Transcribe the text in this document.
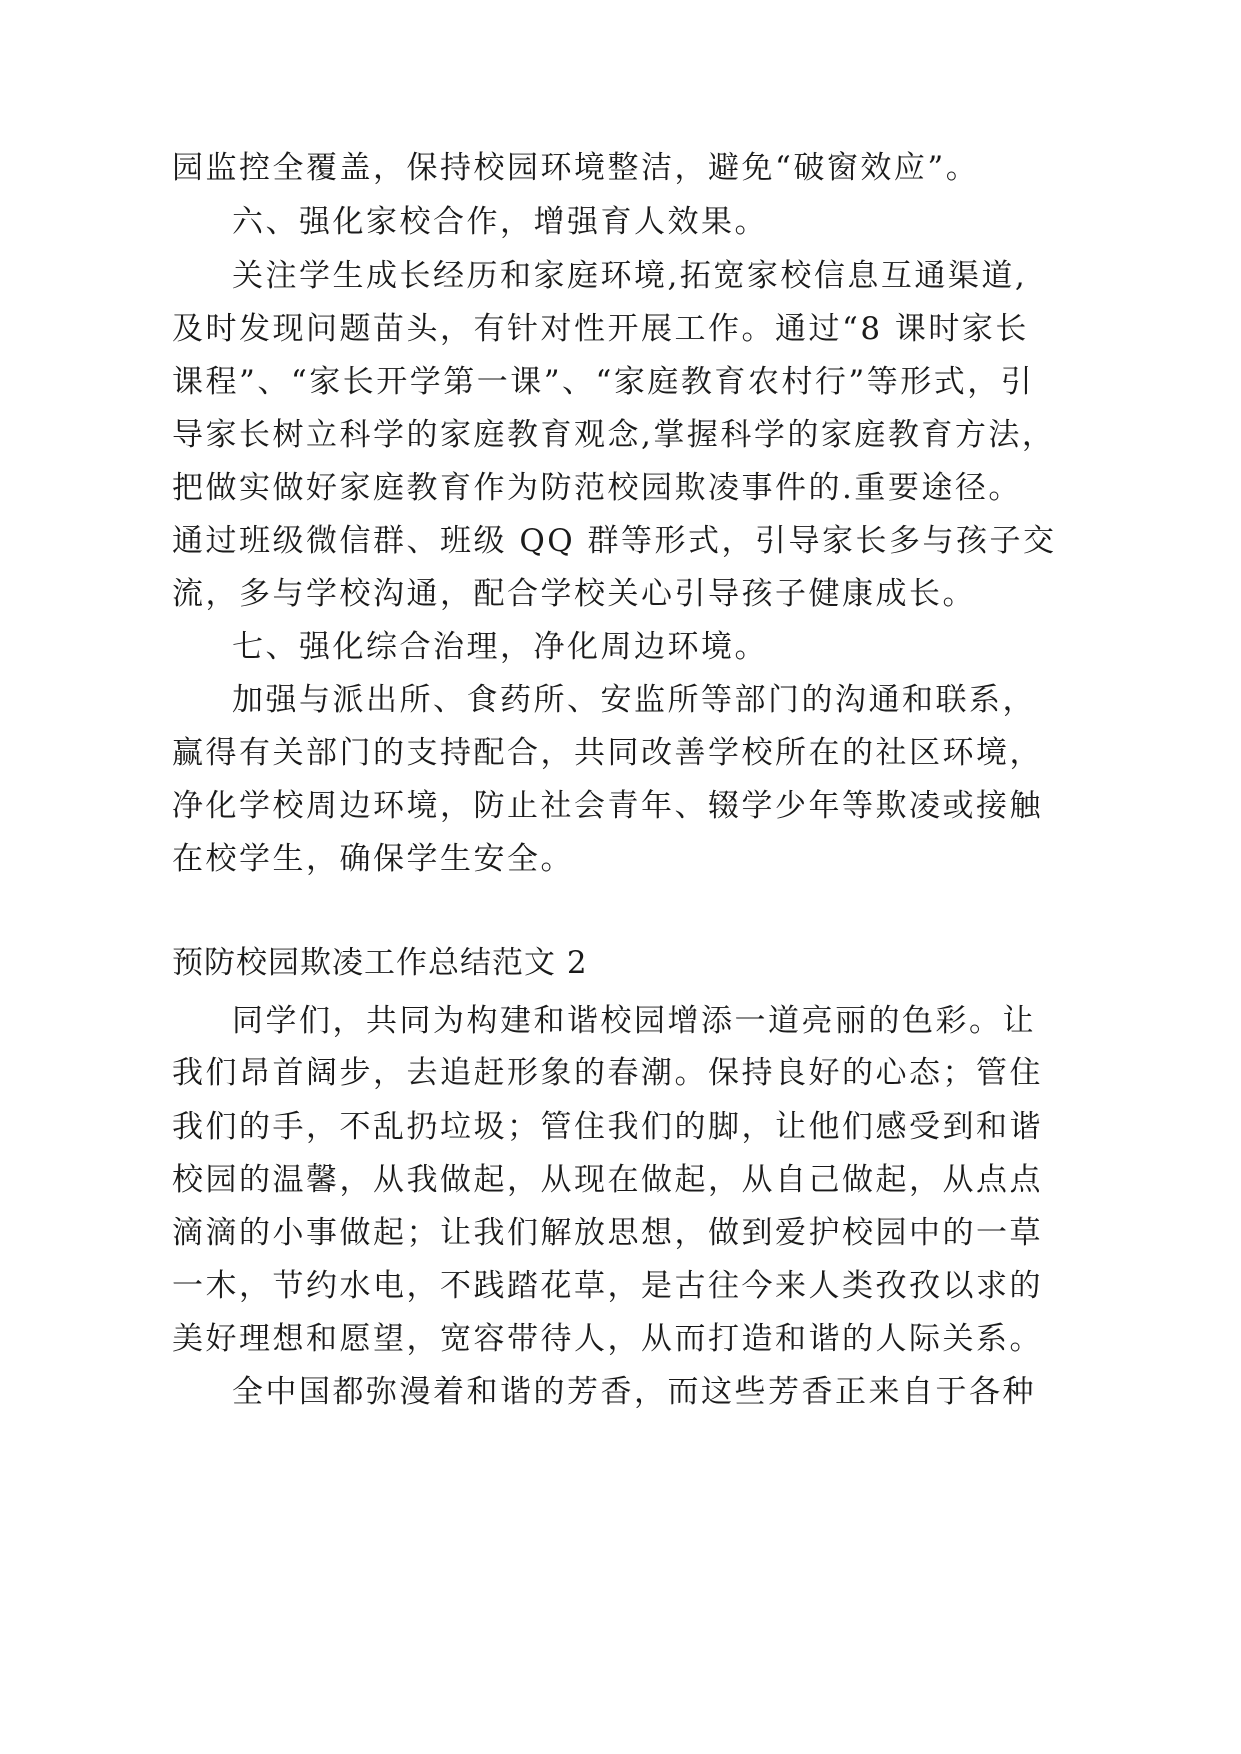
园监控全覆盖，保持校园环境整洁，避免“破窗效应”。
六、强化家校合作，增强育人效果。
关注学生成长经历和家庭环境,拓宽家校信息互通渠道,
及时发现问题苗头，有针对性开展工作。通过“8 课时家长
课程”、“家长开学第一课”、“家庭教育农村行”等形式，引
导家长树立科学的家庭教育观念,掌握科学的家庭教育方法，
把做实做好家庭教育作为防范校园欺凌事件的.重要途径。
通过班级微信群、班级 QQ 群等形式，引导家长多与孩子交
流，多与学校沟通，配合学校关心引导孩子健康成长。
七、强化综合治理，净化周边环境。
加强与派出所、食药所、安监所等部门的沟通和联系，
赢得有关部门的支持配合，共同改善学校所在的社区环境，
净化学校周边环境，防止社会青年、辍学少年等欺凌或接触
在校学生，确保学生安全。
预防校园欺凌工作总结范文 2
同学们，共同为构建和谐校园增添一道亮丽的色彩。让
我们昂首阔步，去追赶形象的春潮。保持良好的心态；管住
我们的手，不乱扔垃圾；管住我们的脚，让他们感受到和谐
校园的温馨，从我做起，从现在做起，从自己做起，从点点
滴滴的小事做起；让我们解放思想，做到爱护校园中的一草
一木，节约水电，不践踏花草，是古往今来人类孜孜以求的
美好理想和愿望，宽容带待人，从而打造和谐的人际关系。
全中国都弥漫着和谐的芳香，而这些芳香正来自于各种
